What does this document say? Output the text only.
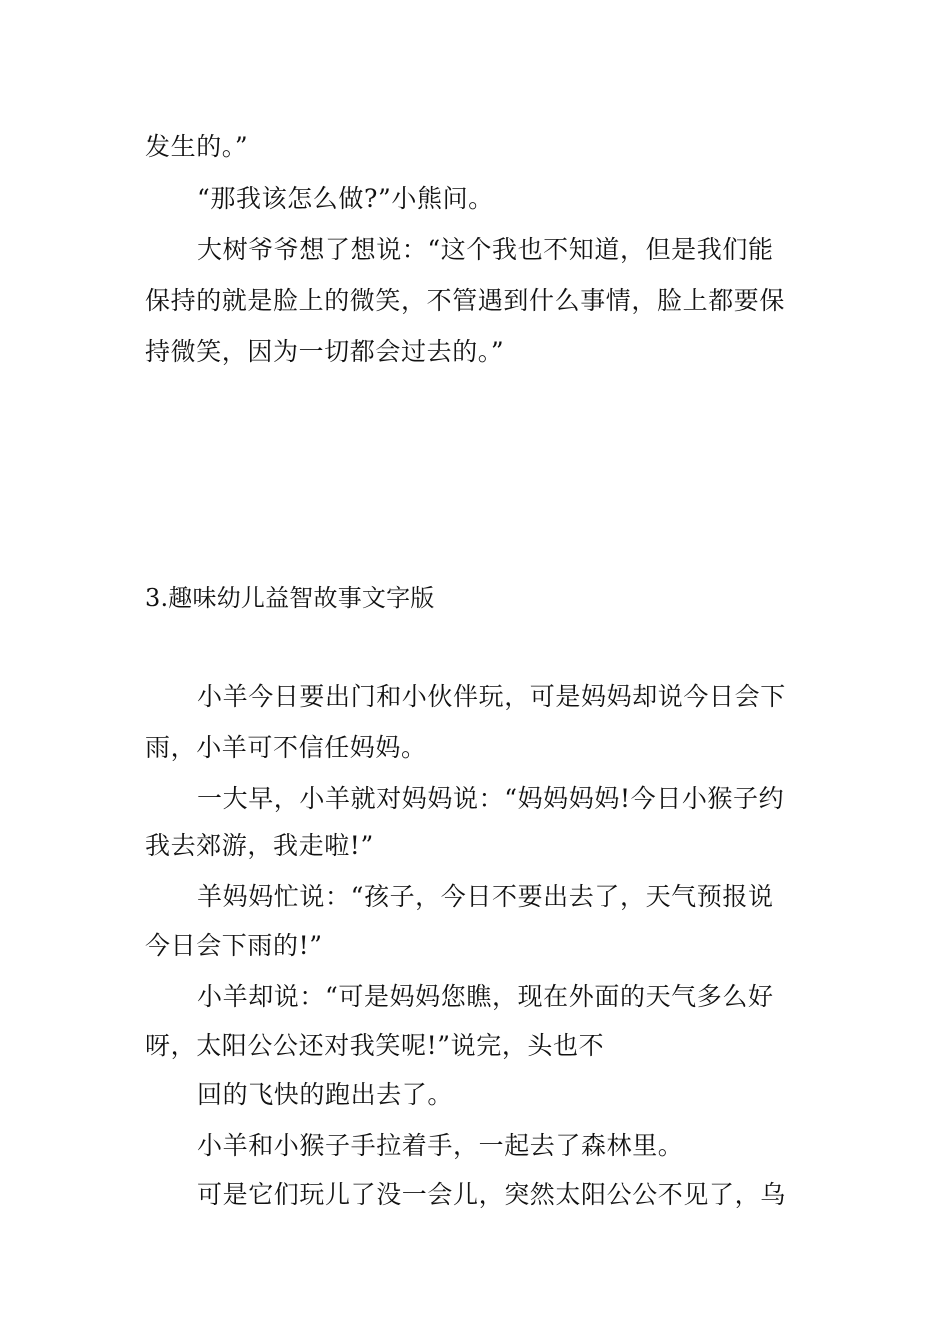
发生的。”
“那我该怎么做?”小熊问。
大树爷爷想了想说：“这个我也不知道，但是我们能
保持的就是脸上的微笑，不管遇到什么事情，脸上都要保
持微笑，因为一切都会过去的。”
3.趣味幼儿益智故事文字版
小羊今日要出门和小伙伴玩，可是妈妈却说今日会下
雨，小羊可不信任妈妈。
一大早，小羊就对妈妈说：“妈妈妈妈!今日小猴子约
我去郊游，我走啦!”
羊妈妈忙说：“孩子，今日不要出去了，天气预报说
今日会下雨的!”
小羊却说：“可是妈妈您瞧，现在外面的天气多么好
呀，太阳公公还对我笑呢!”说完，头也不
回的飞快的跑出去了。
小羊和小猴子手拉着手，一起去了森林里。
可是它们玩儿了没一会儿，突然太阳公公不见了，乌
